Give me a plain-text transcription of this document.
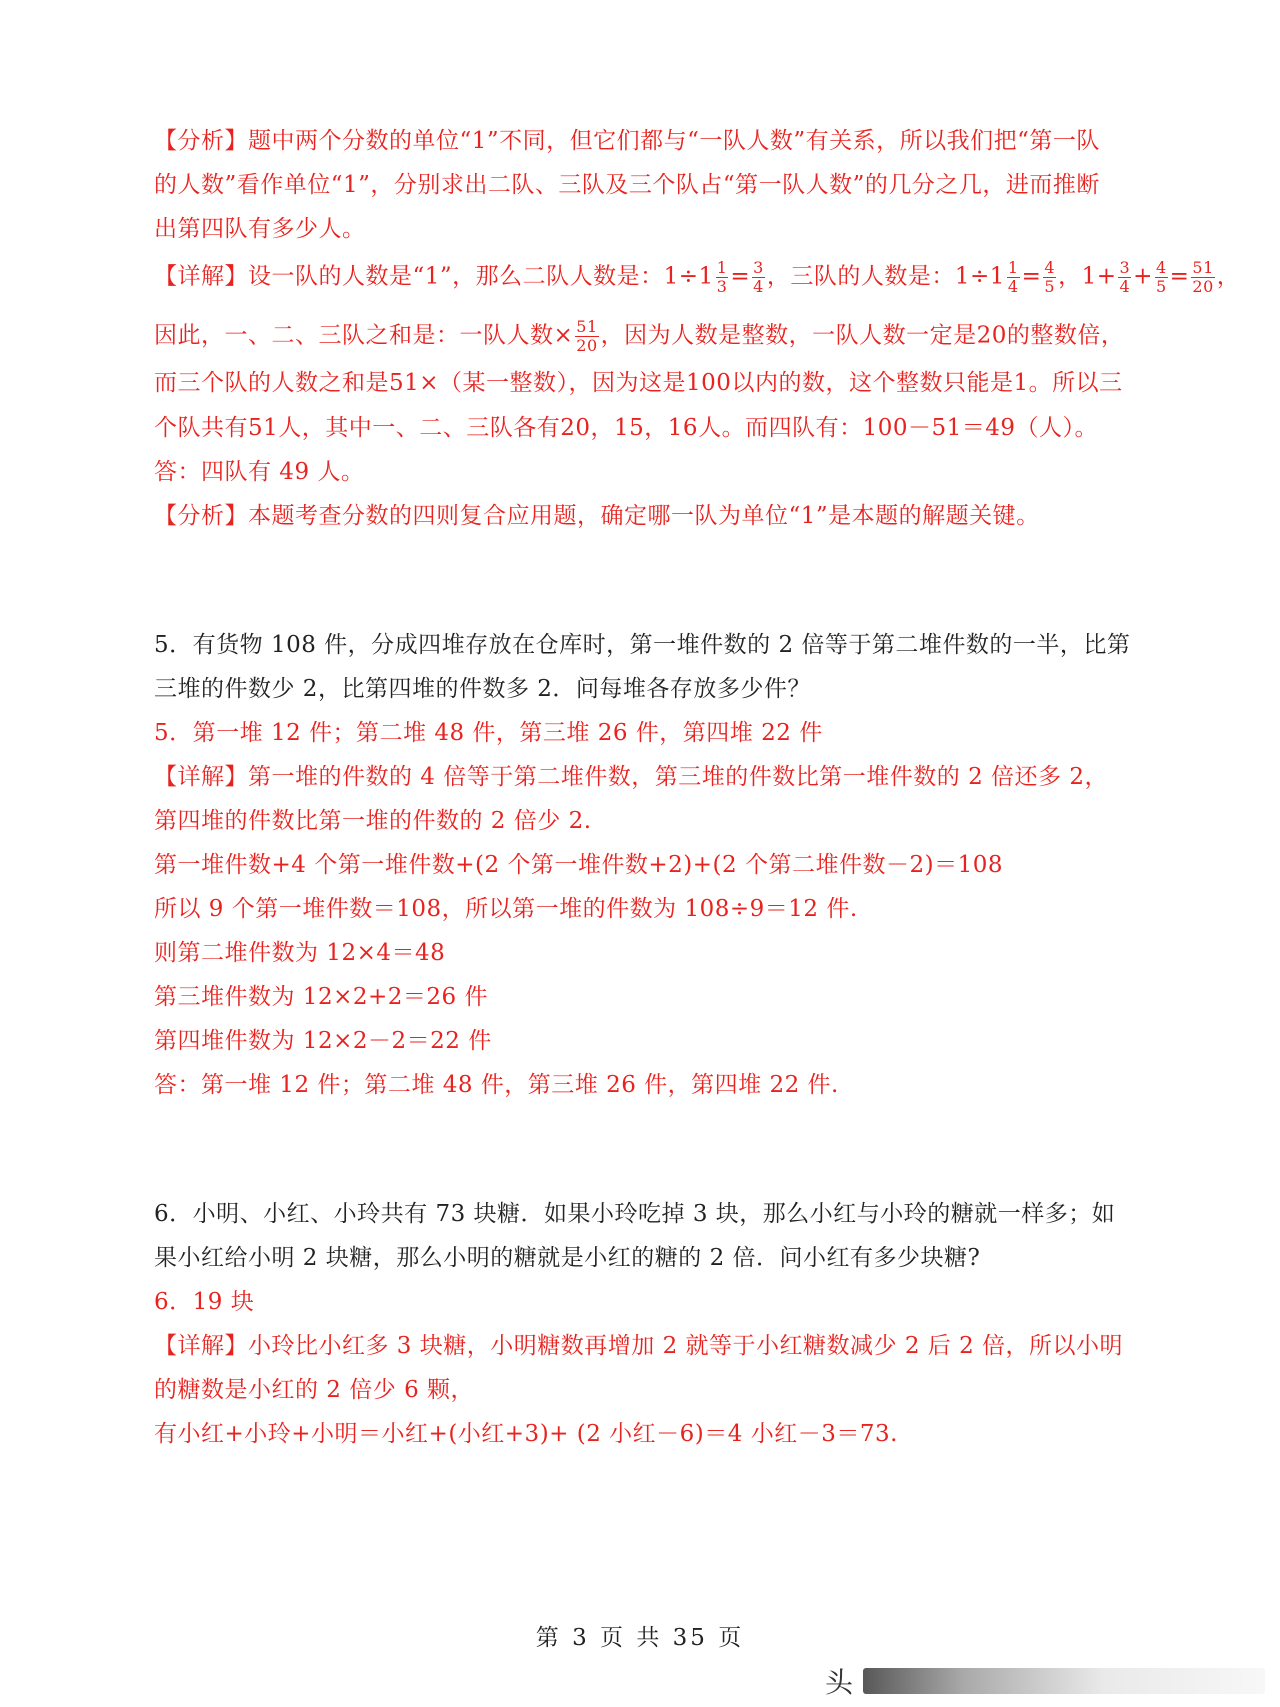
【分析】题中两个分数的单位“1”不同，但它们都与“一队人数”有关系，所以我们把“第一队
的人数”看作单位“1”，分别求出二队、三队及三个队占“第一队人数”的几分之几，进而推断
出第四队有多少人。
【详解】设一队的人数是“1”，那么二队人数是：$1\div 1 \frac{1}{3} = \frac{3}{4}$ ，三队的人数是：$1\div 1 \frac{1}{4} = \frac{4}{5}$ ，$1+ \frac{3}{4} + \frac{4}{5} = \frac{51}{20}$ ，
因此，一、二、三队之和是：一队人数× $\frac{51}{20}$ ，因为人数是整数，一队人数一定是20的整数倍，
而三个队的人数之和是51×（某一整数），因为这是100以内的数，这个整数只能是1。所以三
个队共有51人，其中一、二、三队各有20，15，16人。而四队有：100－51＝49（人）。
答：四队有 49 人。
【分析】本题考查分数的四则复合应用题，确定哪一队为单位“1”是本题的解题关键。
5．有货物 108 件，分成四堆存放在仓库时，第一堆件数的 2 倍等于第二堆件数的一半，比第
三堆的件数少 2，比第四堆的件数多 2．问每堆各存放多少件？
5．第一堆 12 件；第二堆 48 件，第三堆 26 件，第四堆 22 件
【详解】第一堆的件数的 4 倍等于第二堆件数，第三堆的件数比第一堆件数的 2 倍还多 2，
第四堆的件数比第一堆的件数的 2 倍少 2.
第一堆件数+4 个第一堆件数+(2 个第一堆件数+2)+(2 个第二堆件数－2)＝108
所以 9 个第一堆件数＝108，所以第一堆的件数为 108÷9＝12 件.
则第二堆件数为 12×4＝48
第三堆件数为 12×2+2＝26 件
第四堆件数为 12×2－2＝22 件
答：第一堆 12 件；第二堆 48 件，第三堆 26 件，第四堆 22 件.
6．小明、小红、小玲共有 73 块糖．如果小玲吃掉 3 块，那么小红与小玲的糖就一样多；如
果小红给小明 2 块糖，那么小明的糖就是小红的糖的 2 倍．问小红有多少块糖?
6．19 块
【详解】小玲比小红多 3 块糖，小明糖数再增加 2 就等于小红糖数减少 2 后 2 倍，所以小明
的糖数是小红的 2 倍少 6 颗，
有小红+小玲+小明＝小红+(小红+3)+ (2 小红－6)＝4 小红－3＝73.
第 3 页 共 35 页
头
